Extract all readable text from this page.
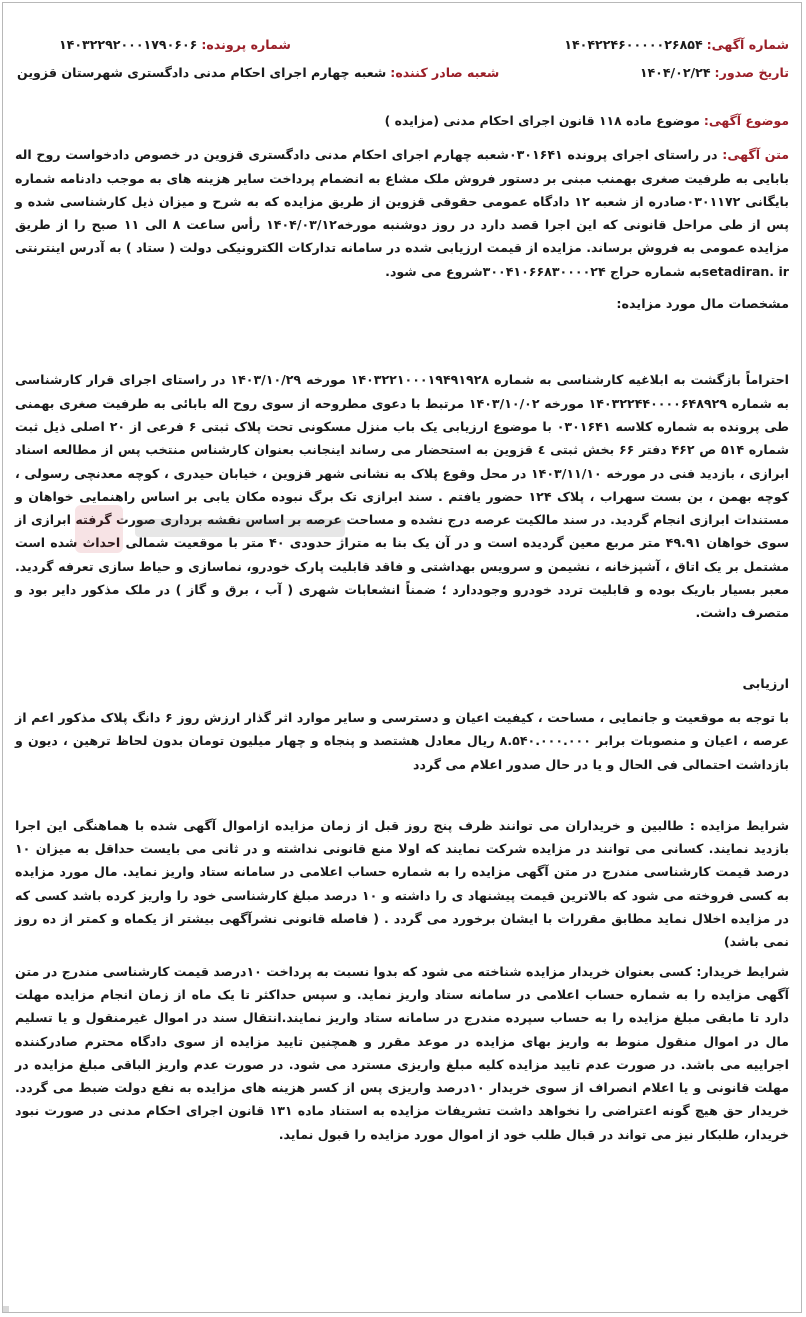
شماره آگهی: ۱۴۰۴۲۲۴۶۰۰۰۰۰۲۶۸۵۴
شماره پرونده: ۱۴۰۳۲۲۹۲۰۰۰۱۷۹۰۶۰۶
تاریخ صدور: ۱۴۰۴/۰۲/۲۴
شعبه صادر کننده: شعبه چهارم اجرای احکام مدنی دادگستری شهرستان قزوین
موضوع آگهی: موضوع ماده ۱۱۸ قانون اجرای احکام مدنی (مزایده )
متن آگهی: در راستای اجرای پرونده ۰۳۰۱۶۴۱شعبه چهارم اجرای احکام مدنی دادگستری قزوین در خصوص دادخواست روح اله بابایی به طرفیت صغری بهمنب مبنی بر دستور فروش ملک مشاع به انضمام پرداخت سایر هزینه های به موجب دادنامه شماره بایگانی ۰۳۰۱۱۷۲صادره از شعبه ۱۲ دادگاه عمومی حقوقی قزوین از طریق مزایده که به شرح و میزان ذیل کارشناسی شده و پس از طی مراحل قانونی که این اجرا قصد دارد در روز دوشنبه مورخه۱۴۰۴/۰۳/۱۲ رأس ساعت ۸ الی ۱۱ صبح را از طریق مزایده عمومی به فروش برساند. مزایده از قیمت ارزیابی شده در سامانه تدارکات الکترونیکی دولت ( ستاد ) به آدرس اینترنتی setadiran. irبه شماره حراج ۳۰۰۴۱۰۶۶۸۳۰۰۰۰۲۴شروع می شود.
مشخصات مال مورد مزایده:
احتراماً بازگشت به ابلاغیه کارشناسی به شماره ۱۴۰۳۲۲۱۰۰۰۱۹۴۹۱۹۲۸ مورخه ۱۴۰۳/۱۰/۲۹ در راستای اجرای قرار کارشناسی به شماره ۱۴۰۳۲۲۴۴۰۰۰۰۶۴۸۹۲۹ مورخه ۱۴۰۳/۱۰/۰۲ مرتبط با دعوی مطروحه از سوی روح اله بابائی به طرفیت صغری بهمنی طی پرونده به شماره کلاسه ۰۳۰۱۶۴۱ با موضوع ارزیابی یک باب منزل مسکونی تحت پلاک ثبتی ۶ فرعی از ۲۰ اصلی ذیل ثبت شماره ۵۱۴ ص ۴۶۲ دفتر ۶۶ بخش ثبتی ٤ قزوین به استحضار می رساند اینجانب بعنوان کارشناس منتخب پس از مطالعه اسناد ابرازی ، بازدید فنی در مورخه ۱۴۰۳/۱۱/۱۰ در محل وقوع پلاک به نشانی شهر قزوین ، خیابان حیدری ، کوچه معدنچی رسولی ، کوچه بهمن ، بن بست سهراب ، پلاک ۱۲۴ حضور یافتم . سند ابرازی تک برگ نبوده مکان یابی بر اساس راهنمایی خواهان و مستندات ابرازی انجام گردید. در سند مالکیت عرصه درج نشده و مساحت عرصه بر اساس نقشه برداری صورت گرفته ابرازی از سوی خواهان ۴۹.۹۱ متر مربع معین گردیده است و در آن یک بنا به متراژ حدودی ۴۰ متر با موقعیت شمالی احداث شده است مشتمل بر یک اتاق ، آشپزخانه ، نشیمن و سرویس بهداشتی و فاقد قابلیت پارک خودرو، نماسازی و حیاط سازی تعرفه گردید. معبر بسیار باریک بوده و قابلیت تردد خودرو وجوددارد ؛ ضمناً انشعابات شهری ( آب ، برق و گاز ) در ملک مذکور دایر بود و متصرف داشت.
ارزیابی
با توجه به موقعیت و جانمایی ، مساحت ، کیفیت اعیان و دسترسی و سایر موارد اثر گذار ارزش روز ۶ دانگ پلاک مذکور اعم از عرصه ، اعیان و منصوبات برابر ۸.۵۴۰.۰۰۰.۰۰۰ ریال معادل هشتصد و پنجاه و چهار میلیون تومان بدون لحاظ ترهین ، دیون و بازداشت احتمالی فی الحال و یا در حال صدور اعلام می گردد
شرایط مزایده : طالبین و خریداران می توانند ظرف پنج روز قبل از زمان مزایده ازاموال آگهی شده با هماهنگی این اجرا بازدید نمایند. کسانی می توانند در مزایده شرکت نمایند که اولا منع قانونی نداشته و در ثانی می بایست حداقل به میزان ۱۰ درصد قیمت کارشناسی مندرج در متن آگهی مزایده را به شماره حساب اعلامی در سامانه ستاد واریز نماید. مال مورد مزایده به کسی فروخته می شود که بالاترین قیمت پیشنهاد ی را داشته و ۱۰ درصد مبلغ کارشناسی خود را واریز کرده باشد کسی که در مزایده اخلال نماید مطابق مقررات با ایشان برخورد می گردد . ( فاصله قانونی نشرآگهی بیشتر از یکماه و کمتر از ده روز نمی باشد)
شرایط خریدار: کسی بعنوان خریدار مزایده شناخته می شود که بدوا نسبت به پرداخت ۱۰درصد قیمت کارشناسی مندرج در متن آگهی مزایده را به شماره حساب اعلامی در سامانه ستاد واریز نماید. و سپس حداکثر تا یک ماه از زمان انجام مزایده مهلت دارد تا مابقی مبلغ مزایده را به حساب سپرده مندرج در سامانه ستاد واریز نمایند.انتقال سند در اموال غیرمنقول و یا تسلیم مال در اموال منقول منوط به واریز بهای مزایده در موعد مقرر و همچنین تایید مزایده از سوی دادگاه محترم صادرکننده اجراییه می باشد. در صورت عدم تایید مزایده کلیه مبلغ واریزی مسترد می شود. در صورت عدم واریز الباقی مبلغ مزایده در مهلت قانونی و یا اعلام انصراف از سوی خریدار ۱۰درصد واریزی پس از کسر هزینه های مزایده به نفع دولت ضبط می گردد. خریدار حق هیچ گونه اعتراضی را نخواهد داشت تشریفات مزایده به استناد ماده ۱۳۱ قانون اجرای احکام مدنی در صورت نبود خریدار، طلبکار نیز می تواند در قبال طلب خود از اموال مورد مزایده را قبول نماید.
